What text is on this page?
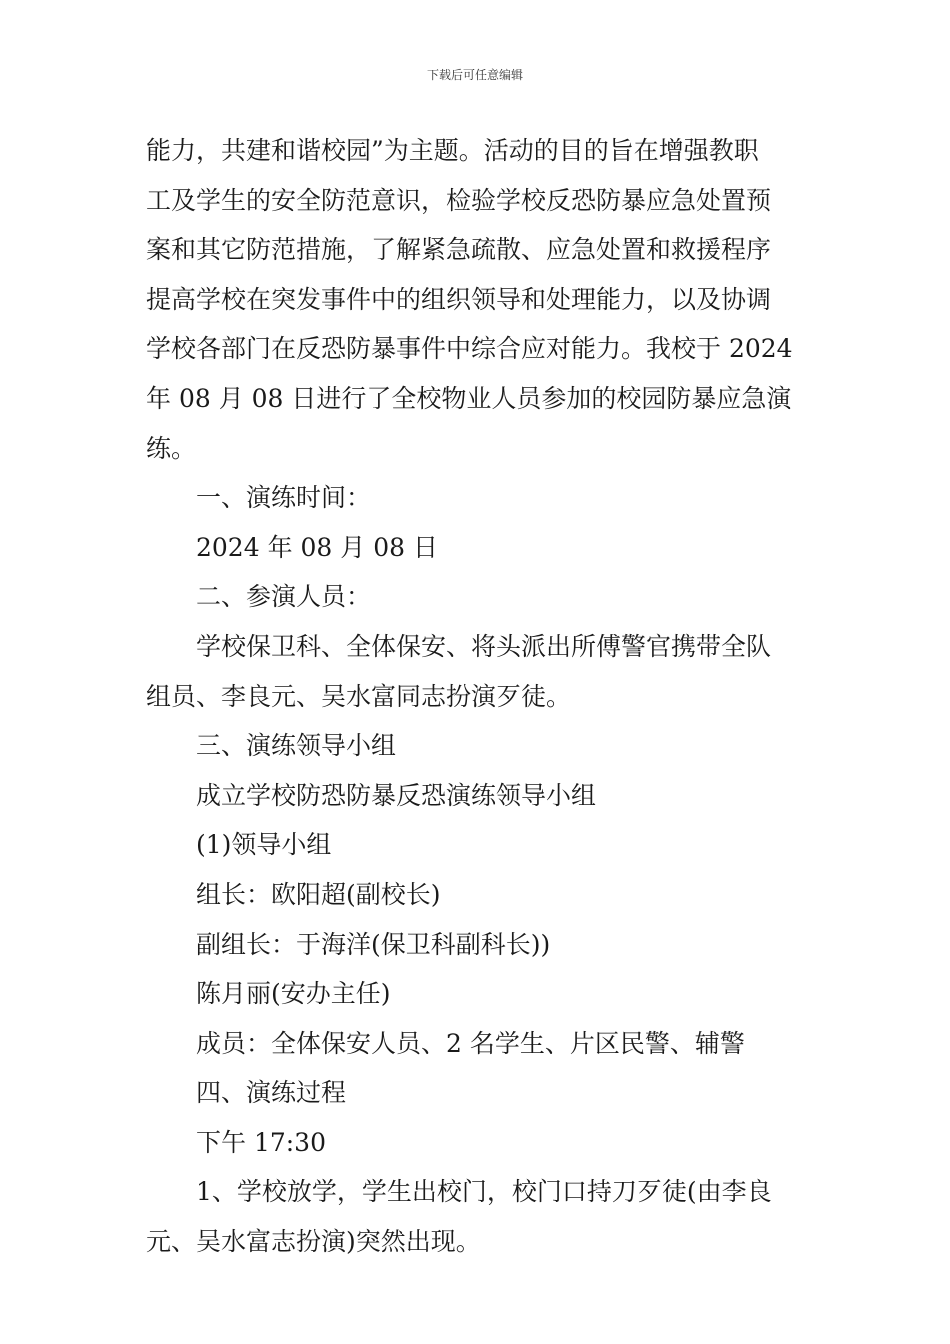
下载后可任意编辑

能力，共建和谐校园”为主题。活动的目的旨在增强教职

工及学生的安全防范意识，检验学校反恐防暴应急处置预

案和其它防范措施，了解紧急疏散、应急处置和救援程序

提高学校在突发事件中的组织领导和处理能力，以及协调

学校各部门在反恐防暴事件中综合应对能力。我校于 2024

年 08 月 08 日进行了全校物业人员参加的校园防暴应急演练。

一、演练时间：

2024 年 08 月 08 日

二、参演人员：

学校保卫科、全体保安、将头派出所傅警官携带全队

组员、李良元、吴水富同志扮演歹徒。

三、演练领导小组

成立学校防恐防暴反恐演练领导小组

(1)领导小组

组长：欧阳超(副校长)

副组长：于海洋(保卫科副科长))

陈月丽(安办主任)

成员：全体保安人员、2 名学生、片区民警、辅警

四、演练过程

下午 17:30

1、学校放学，学生出校门，校门口持刀歹徒(由李良

元、吴水富志扮演)突然出现。
